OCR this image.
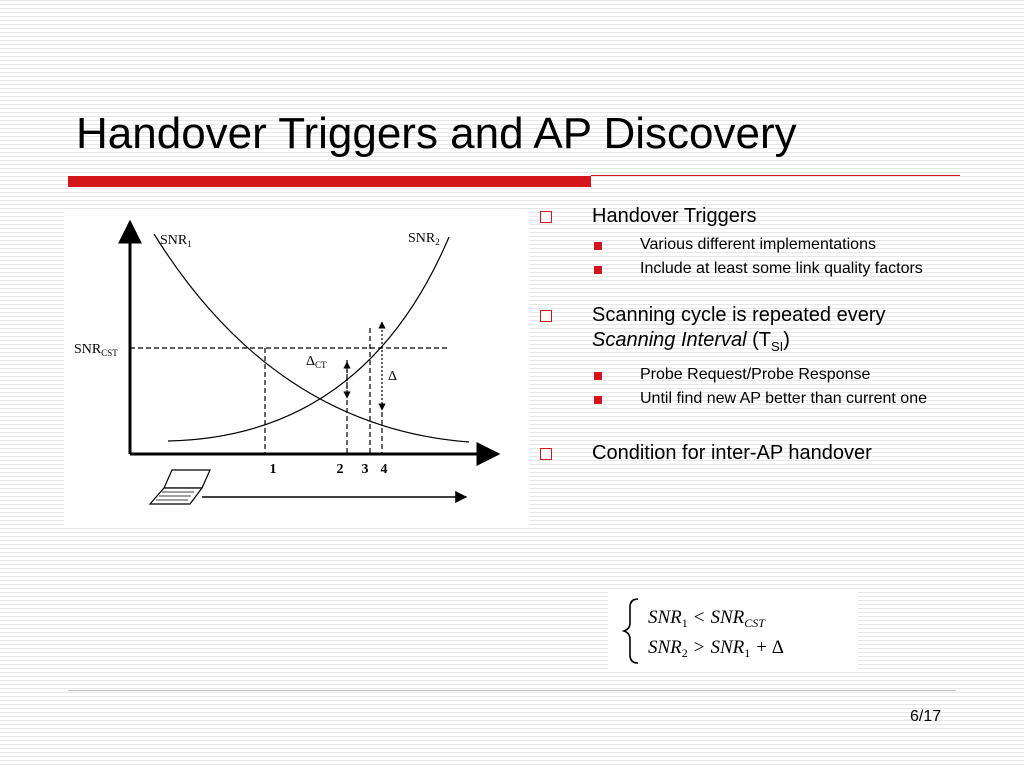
Handover Triggers and AP Discovery
$SNR_1$	$SNR_2$
$SNR_{CST}$
$\Delta_{CT}$
Δ
1	2 3 4
Handover Triggers
Various different implementations
Include at least some link quality factors
Scanning cycle is repeated every Scanning Interval $(T_{SI})$
Probe Request/Probe Response
Until find new AP better than current one
Condition for inter-AP handover
$SNR_1 < SNR_{CST}$
$SNR_2 > SNR_1 + \Delta$
6/17
